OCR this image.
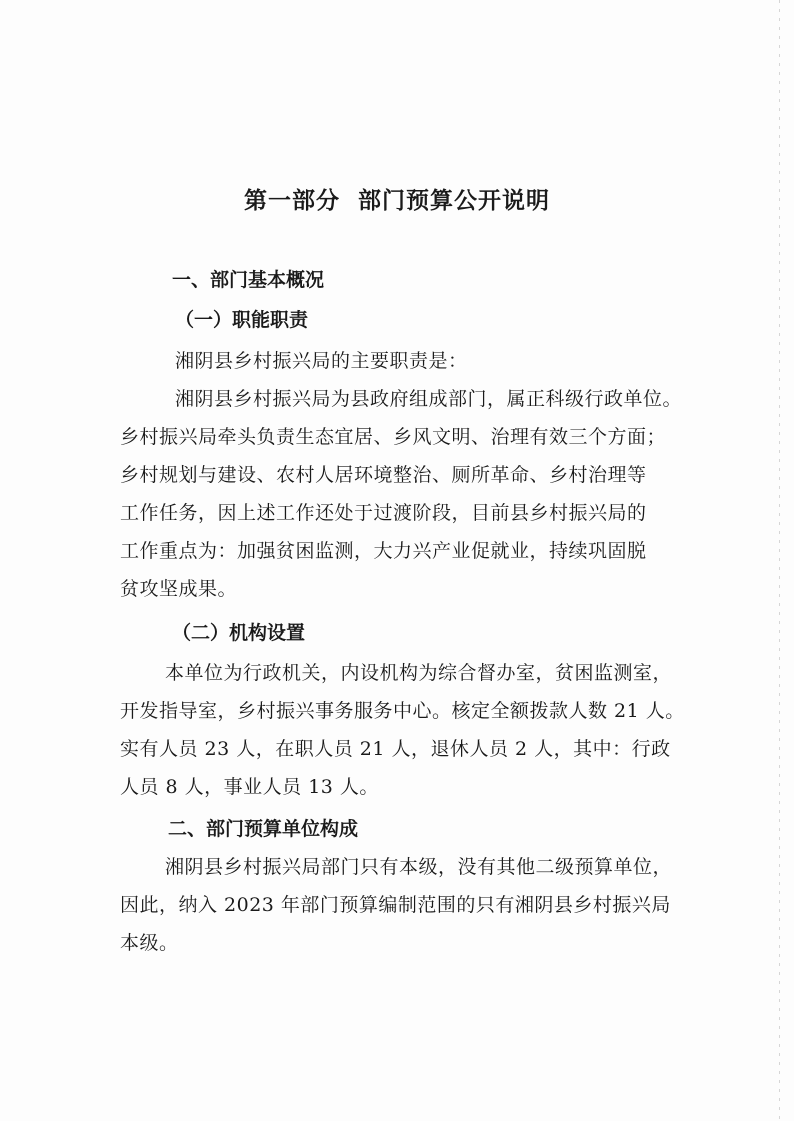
第一部分  部门预算公开说明
一、部门基本概况
（一）职能职责
湘阴县乡村振兴局的主要职责是：
湘阴县乡村振兴局为县政府组成部门，属正科级行政单位。
乡村振兴局牵头负责生态宜居、乡风文明、治理有效三个方面；
乡村规划与建设、农村人居环境整治、厕所革命、乡村治理等
工作任务，因上述工作还处于过渡阶段，目前县乡村振兴局的
工作重点为：加强贫困监测，大力兴产业促就业，持续巩固脱
贫攻坚成果。
（二）机构设置
本单位为行政机关，内设机构为综合督办室，贫困监测室，
开发指导室，乡村振兴事务服务中心。核定全额拨款人数 21 人。
实有人员 23 人，在职人员 21 人，退休人员 2 人，其中：行政
人员 8 人，事业人员 13 人。
二、部门预算单位构成
湘阴县乡村振兴局部门只有本级，没有其他二级预算单位，
因此，纳入 2023 年部门预算编制范围的只有湘阴县乡村振兴局
本级。
